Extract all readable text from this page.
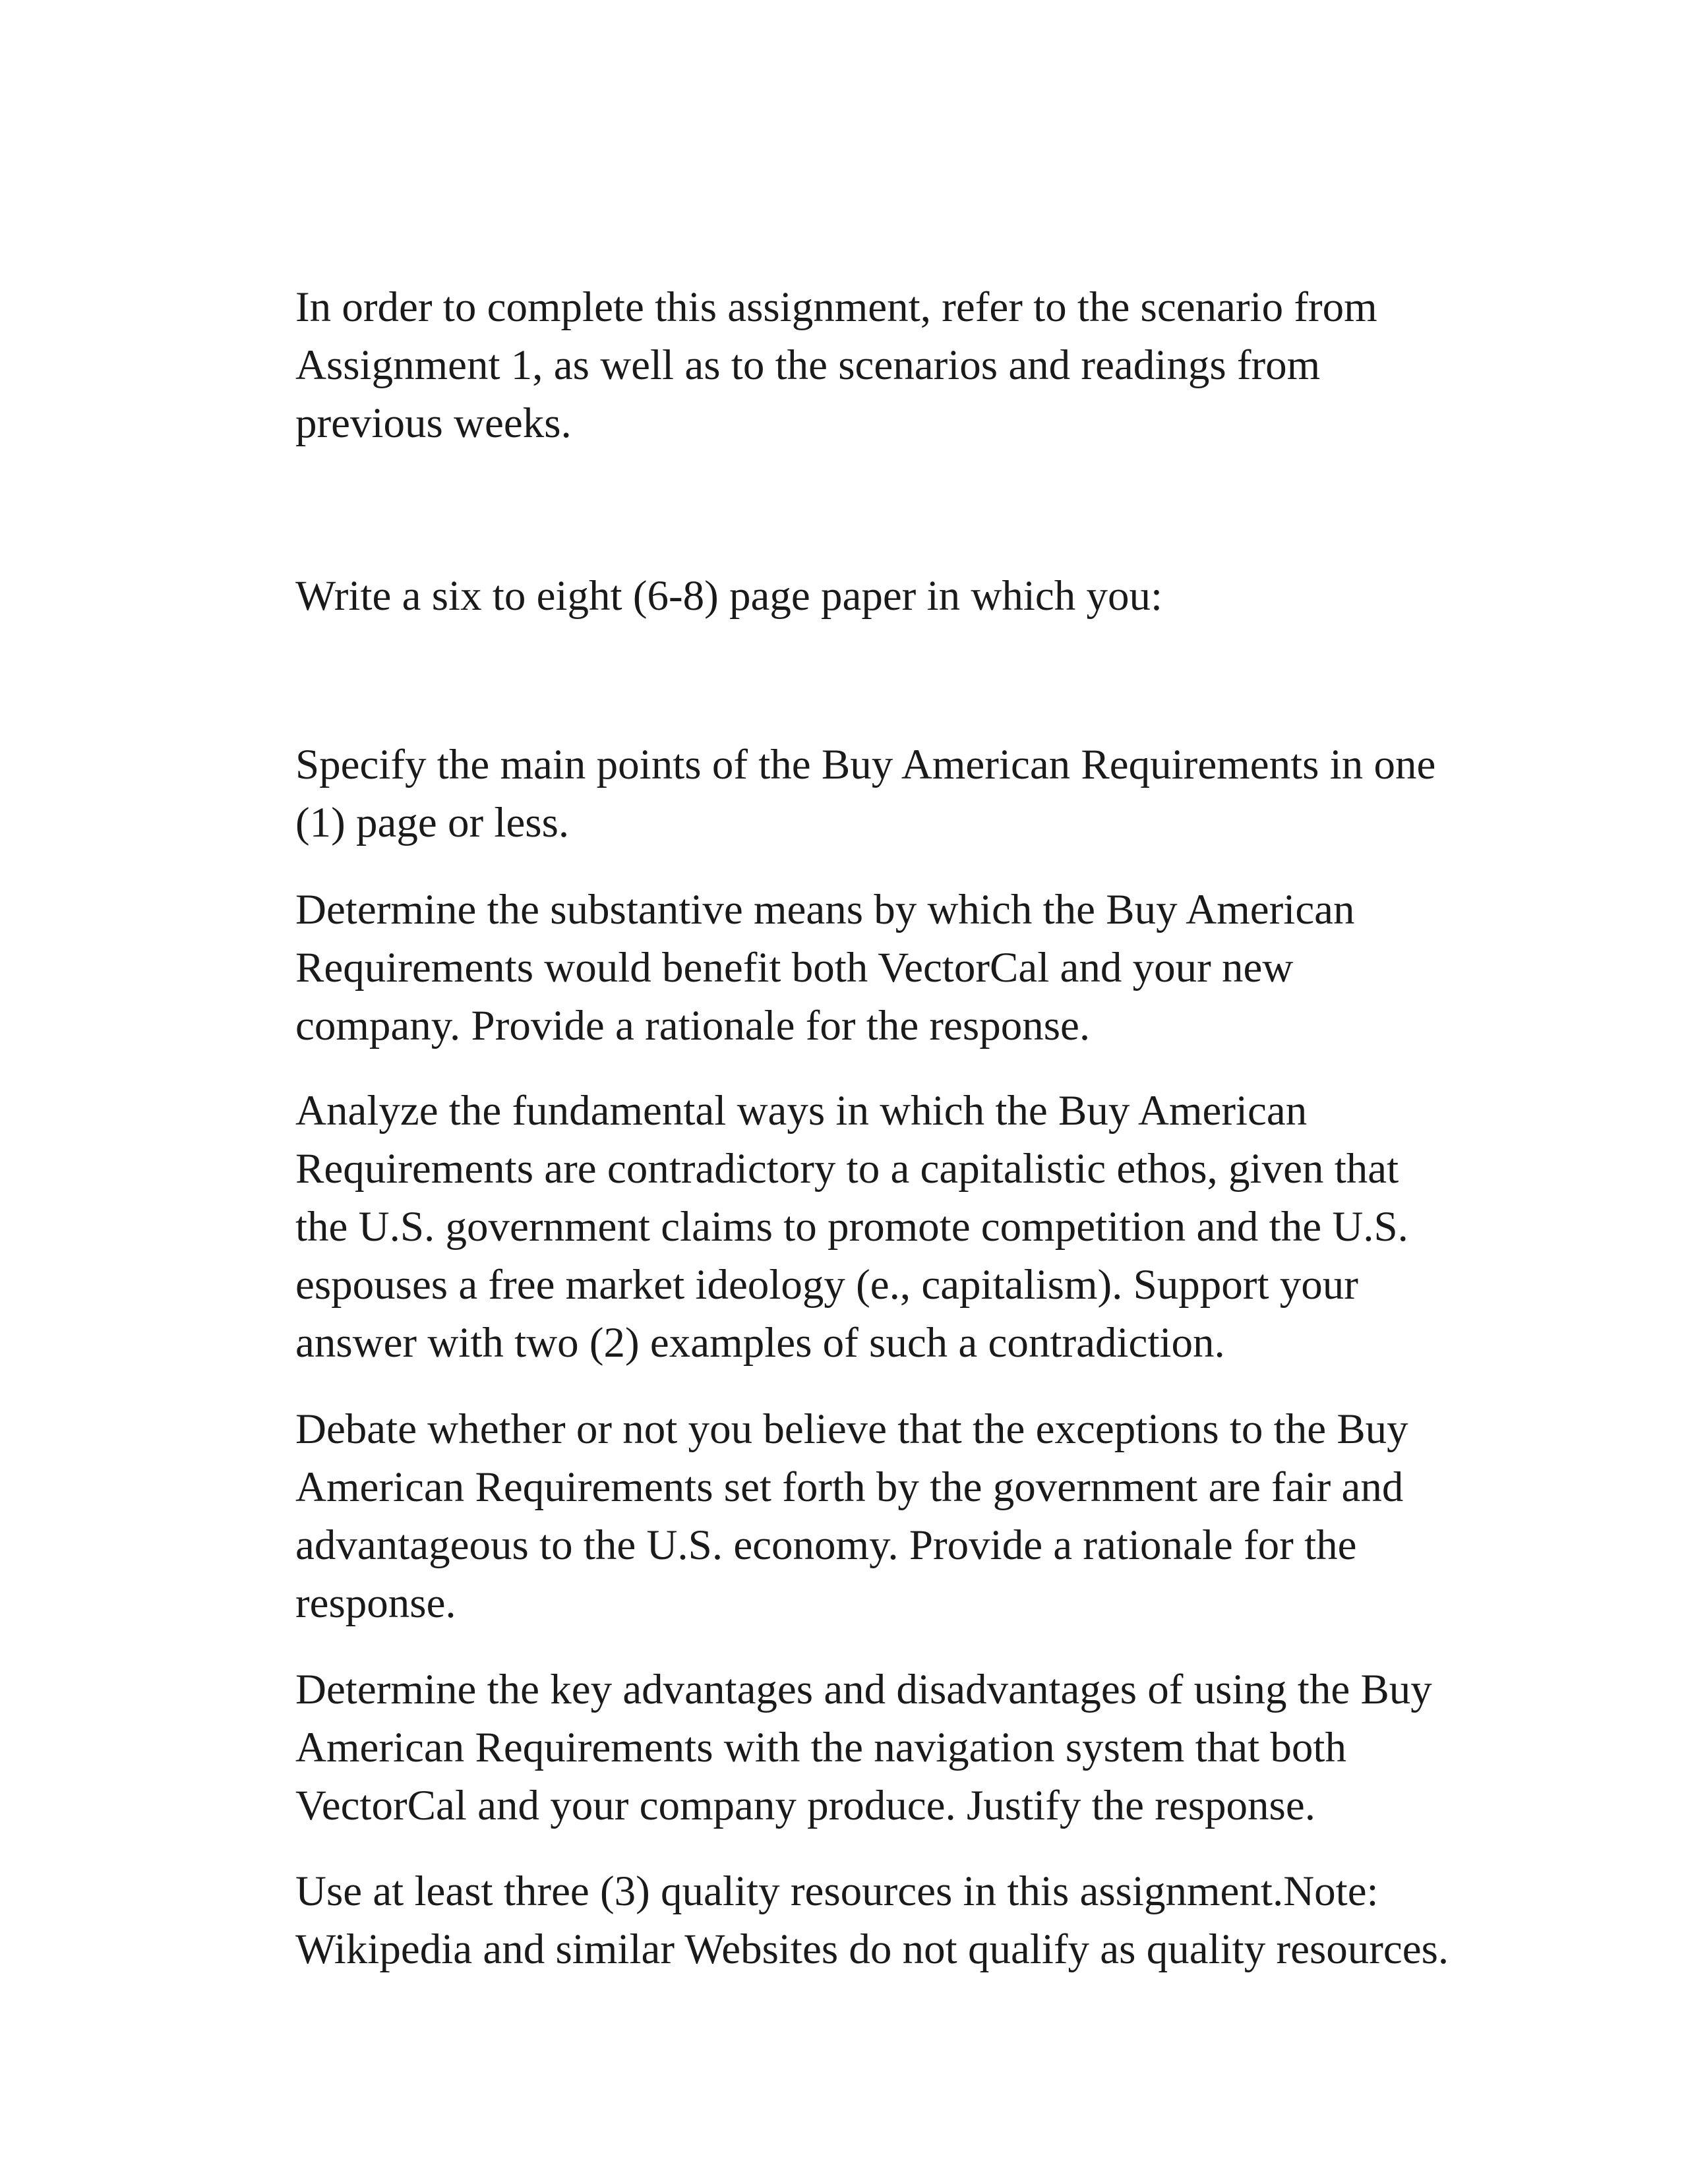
In order to complete this assignment, refer to the scenario from
Assignment 1, as well as to the scenarios and readings from
previous weeks.

Write a six to eight (6-8) page paper in which you:

Specify the main points of the Buy American Requirements in one
(1) page or less.

Determine the substantive means by which the Buy American
Requirements would benefit both VectorCal and your new
company. Provide a rationale for the response.

Analyze the fundamental ways in which the Buy American
Requirements are contradictory to a capitalistic ethos, given that
the U.S. government claims to promote competition and the U.S.
espouses a free market ideology (e., capitalism). Support your
answer with two (2) examples of such a contradiction.

Debate whether or not you believe that the exceptions to the Buy
American Requirements set forth by the government are fair and
advantageous to the U.S. economy. Provide a rationale for the
response.

Determine the key advantages and disadvantages of using the Buy
American Requirements with the navigation system that both
VectorCal and your company produce. Justify the response.

Use at least three (3) quality resources in this assignment.Note:
Wikipedia and similar Websites do not qualify as quality resources.
